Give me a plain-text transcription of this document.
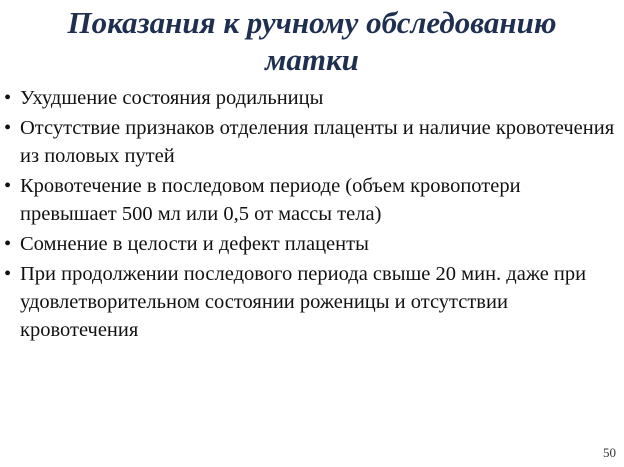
Показания к ручному обследованию
матки
• Ухудшение состояния родильницы
• Отсутствие признаков отделения плаценты и наличие кровотечения из половых путей
• Кровотечение в последовом периоде (объем кровопотери превышает 500 мл или 0,5 от массы тела)
• Сомнение в целости и дефект плаценты
• При продолжении последового периода свыше 20 мин. даже при удовлетворительном состоянии роженицы и отсутствии кровотечения
50
